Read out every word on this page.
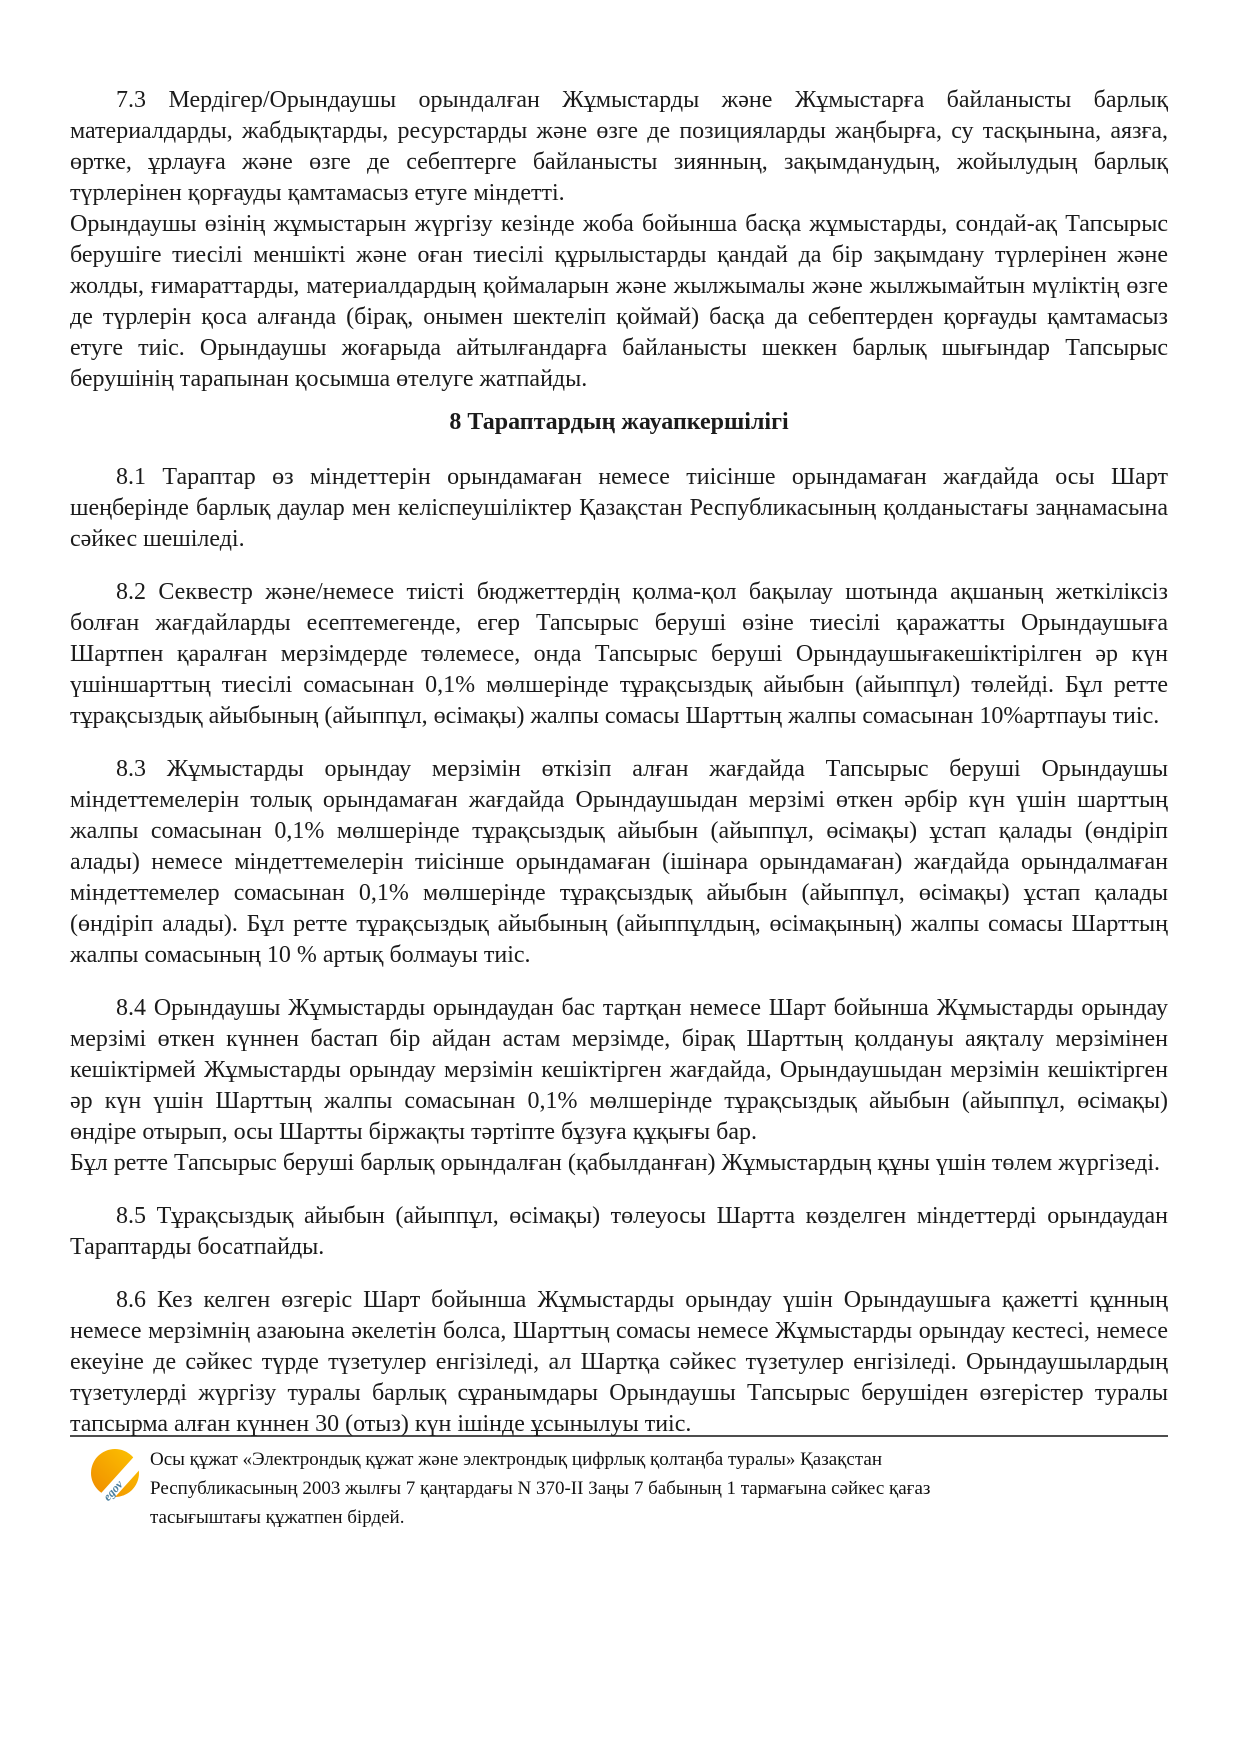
7.3 Мердігер/Орындаушы орындалған Жұмыстарды және Жұмыстарға байланысты барлық материалдарды, жабдықтарды, ресурстарды және өзге де позицияларды жаңбырға, су тасқынына, аязға, өртке, ұрлауға және өзге де себептерге байланысты зиянның, зақымданудың, жойылудың барлық түрлерінен қорғауды қамтамасыз етуге міндетті.

Орындаушы өзінің жұмыстарын жүргізу кезінде жоба бойынша басқа жұмыстарды, сондай-ақ Тапсырыс берушіге тиесілі меншікті және оған тиесілі құрылыстарды қандай да бір зақымдану түрлерінен және жолды, ғимараттарды, материалдардың қоймаларын және жылжымалы және жылжымайтын мүліктің өзге де түрлерін қоса алғанда (бірақ, онымен шектеліп қоймай) басқа да себептерден қорғауды қамтамасыз етуге тиіс. Орындаушы жоғарыда айтылғандарға байланысты шеккен барлық шығындар Тапсырыс берушінің тарапынан қосымша өтелуге жатпайды.

8 Тараптардың жауапкершілігі

8.1 Тараптар өз міндеттерін орындамаған немесе тиісінше орындамаған жағдайда осы Шарт шеңберінде барлық даулар мен келіспеушіліктер Қазақстан Республикасының қолданыстағы заңнамасына сәйкес шешіледі.

8.2 Секвестр және/немесе тиісті бюджеттердің қолма-қол бақылау шотында ақшаның жеткіліксіз болған жағдайларды есептемегенде, егер Тапсырыс беруші өзіне тиесілі қаражатты Орындаушыға Шартпен қаралған мерзімдерде төлемесе, онда Тапсырыс беруші Орындаушығакешіктірілген әр күн үшіншарттың тиесілі сомасынан 0,1% мөлшерінде тұрақсыздық айыбын (айыппұл) төлейді. Бұл ретте тұрақсыздық айыбының (айыппұл, өсімақы) жалпы сомасы Шарттың жалпы сомасынан 10%артпауы тиіс.

8.3 Жұмыстарды орындау мерзімін өткізіп алған жағдайда Тапсырыс беруші Орындаушы міндеттемелерін толық орындамаған жағдайда Орындаушыдан мерзімі өткен әрбір күн үшін шарттың жалпы сомасынан 0,1% мөлшерінде тұрақсыздық айыбын (айыппұл, өсімақы) ұстап қалады (өндіріп алады) немесе міндеттемелерін тиісінше орындамаған (ішінара орындамаған) жағдайда орындалмаған міндеттемелер сомасынан 0,1% мөлшерінде тұрақсыздық айыбын (айыппұл, өсімақы) ұстап қалады (өндіріп алады). Бұл ретте тұрақсыздық айыбының (айыппұлдың, өсімақының) жалпы сомасы Шарттың жалпы сомасының 10 % артық болмауы тиіс.

8.4 Орындаушы Жұмыстарды орындаудан бас тартқан немесе Шарт бойынша Жұмыстарды орындау мерзімі өткен күннен бастап бір айдан астам мерзімде, бірақ Шарттың қолдануы аяқталу мерзімінен кешіктірмей Жұмыстарды орындау мерзімін кешіктірген жағдайда, Орындаушыдан мерзімін кешіктірген әр күн үшін Шарттың жалпы сомасынан 0,1% мөлшерінде тұрақсыздық айыбын (айыппұл, өсімақы) өндіре отырып, осы Шартты біржақты тәртіпте бұзуға құқығы бар.

Бұл ретте Тапсырыс беруші барлық орындалған (қабылданған) Жұмыстардың құны үшін төлем жүргізеді.

8.5 Тұрақсыздық айыбын (айыппұл, өсімақы) төлеуосы Шартта көзделген міндеттерді орындаудан Тараптарды босатпайды.

8.6 Кез келген өзгеріс Шарт бойынша Жұмыстарды орындау үшін Орындаушыға қажетті құнның немесе мерзімнің азаюына әкелетін болса, Шарттың сомасы немесе Жұмыстарды орындау кестесі, немесе екеуіне де сәйкес түрде түзетулер енгізіледі, ал Шартқа сәйкес түзетулер енгізіледі. Орындаушылардың түзетулерді жүргізу туралы барлық сұранымдары Орындаушы Тапсырыс берушіден өзгерістер туралы тапсырма алған күннен 30 (отыз) күн ішінде ұсынылуы тиіс.

egov
Осы құжат «Электрондық құжат және электрондық цифрлық қолтаңба туралы» Қазақстан
Республикасының 2003 жылғы 7 қаңтардағы N 370-II Заңы 7 бабының 1 тармағына сәйкес қағаз
тасығыштағы құжатпен бірдей.
